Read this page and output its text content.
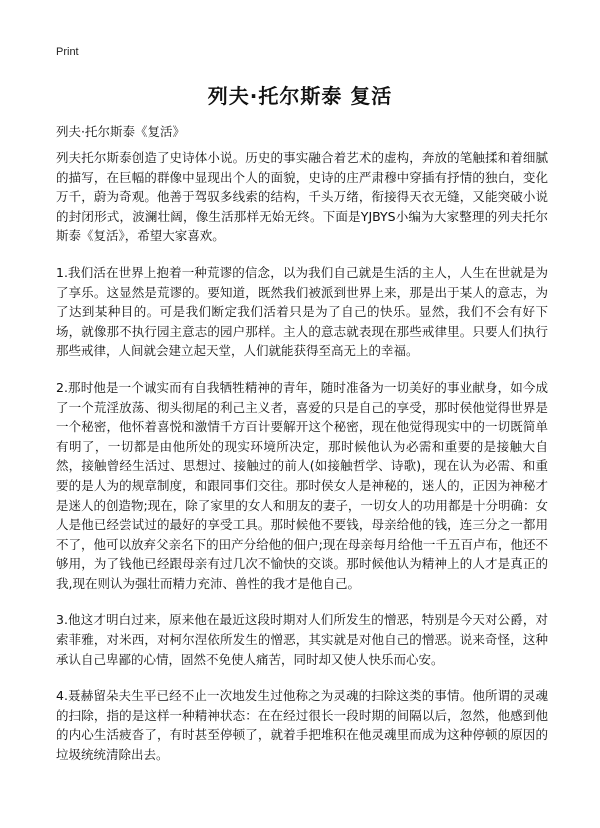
Print
列夫·托尔斯泰 复活

列夫·托尔斯泰《复活》

列夫托尔斯泰创造了史诗体小说。历史的事实融合着艺术的虚构，奔放的笔触揉和着细腻的描写，在巨幅的群像中显现出个人的面貌，史诗的庄严肃穆中穿插有抒情的独白，变化万千，蔚为奇观。他善于驾驭多线索的结构，千头万绪，衔接得天衣无缝，又能突破小说的封闭形式，波澜壮阔，像生活那样无始无终。下面是YJBYS小编为大家整理的列夫托尔斯泰《复活》，希望大家喜欢。

1.我们活在世界上抱着一种荒谬的信念，以为我们自己就是生活的主人，人生在世就是为了享乐。这显然是荒谬的。要知道，既然我们被派到世界上来，那是出于某人的意志，为了达到某种目的。可是我们断定我们活着只是为了自己的快乐。显然，我们不会有好下场，就像那不执行园主意志的园户那样。主人的意志就表现在那些戒律里。只要人们执行那些戒律，人间就会建立起天堂，人们就能获得至高无上的幸福。

2.那时他是一个诚实而有自我牺牲精神的青年，随时准备为一切美好的事业献身，如今成了一个荒淫放荡、彻头彻尾的利己主义者，喜爱的只是自己的享受，那时侯他觉得世界是一个秘密，他怀着喜悦和激情千方百计要解开这个秘密，现在他觉得现实中的一切既简单有明了，一切都是由他所处的现实环境所决定，那时候他认为必需和重要的是接触大自然，接触曾经生活过、思想过、接触过的前人(如接触哲学、诗歌)，现在认为必需、和重要的是人为的规章制度，和跟同事们交往。那时侯女人是神秘的，迷人的，正因为神秘才是迷人的创造物;现在，除了家里的女人和朋友的妻子，一切女人的功用都是十分明确：女人是他已经尝试过的最好的享受工具。那时候他不要钱，母亲给他的钱，连三分之一都用不了，他可以放弃父亲名下的田产分给他的佃户;现在母亲每月给他一千五百卢布，他还不够用，为了钱他已经跟母亲有过几次不愉快的交谈。那时候他认为精神上的人才是真正的我,现在则认为强壮而精力充沛、兽性的我才是他自己。

3.他这才明白过来，原来他在最近这段时期对人们所发生的憎恶，特别是今天对公爵，对索菲雅，对米西，对柯尔涅依所发生的憎恶，其实就是对他自己的憎恶。说来奇怪，这种承认自己卑鄙的心情，固然不免使人痛苦，同时却又使人快乐而心安。

4.聂赫留朵夫生平已经不止一次地发生过他称之为灵魂的扫除这类的事情。他所谓的灵魂的扫除，指的是这样一种精神状态：在在经过很长一段时期的间隔以后，忽然，他感到他的内心生活疲沓了，有时甚至停顿了，就着手把堆积在他灵魂里而成为这种停顿的原因的垃圾统统清除出去。
